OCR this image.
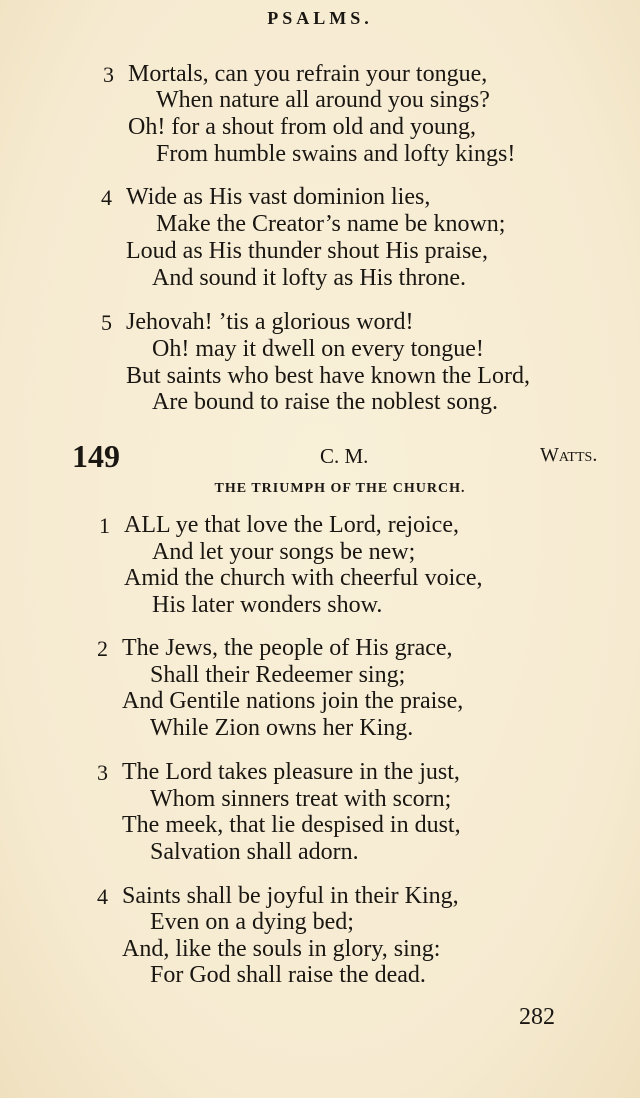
PSALMS.
3 Mortals, can you refrain your tongue,
When nature all around you sings?
Oh! for a shout from old and young,
From humble swains and lofty kings!
4 Wide as His vast dominion lies,
Make the Creator’s name be known;
Loud as His thunder shout His praise,
And sound it lofty as His throne.
5 Jehovah! ’tis a glorious word!
Oh! may it dwell on every tongue!
But saints who best have known the Lord,
Are bound to raise the noblest song.
149	C. M.	Watts.
THE TRIUMPH OF THE CHURCH.
1 ALL ye that love the Lord, rejoice,
And let your songs be new;
Amid the church with cheerful voice,
His later wonders show.
2 The Jews, the people of His grace,
Shall their Redeemer sing;
And Gentile nations join the praise,
While Zion owns her King.
3 The Lord takes pleasure in the just,
Whom sinners treat with scorn;
The meek, that lie despised in dust,
Salvation shall adorn.
4 Saints shall be joyful in their King,
Even on a dying bed;
And, like the souls in glory, sing:
For God shall raise the dead.
282
